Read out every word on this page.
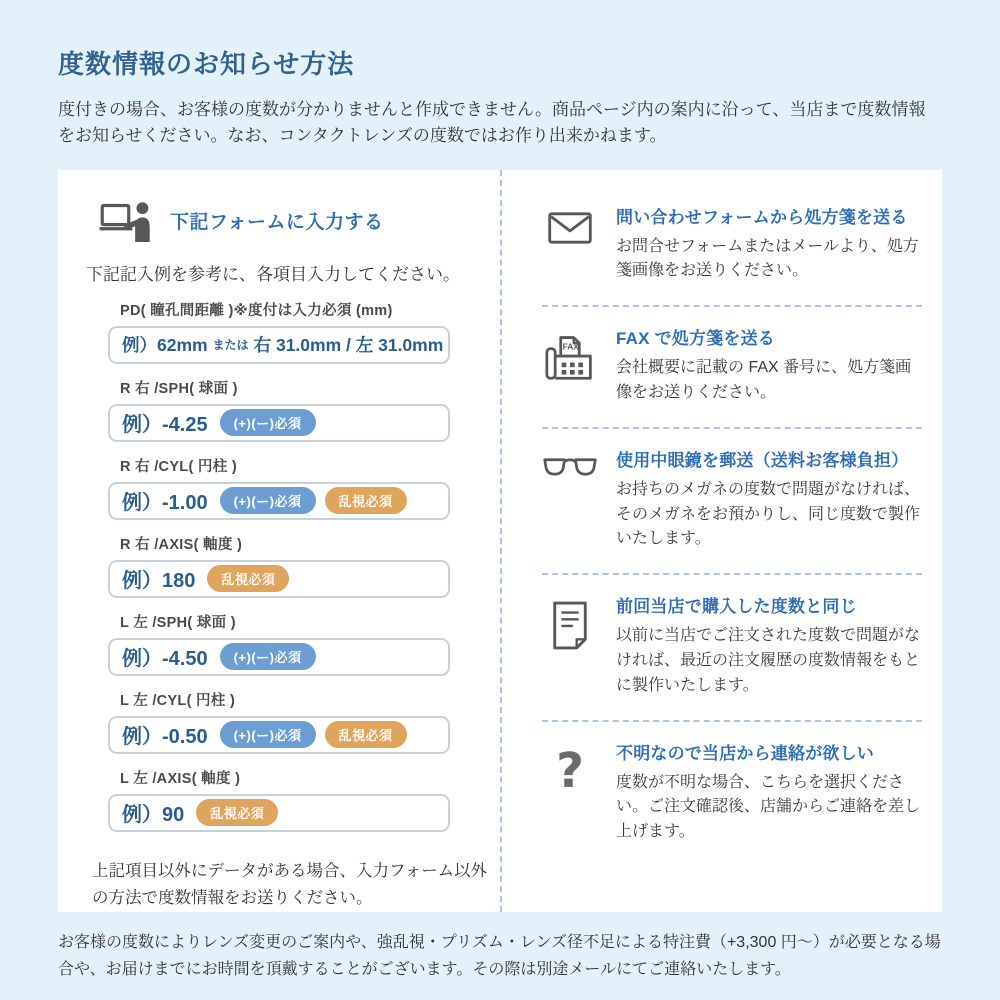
度数情報のお知らせ方法

度付きの場合、お客様の度数が分かりませんと作成できません。商品ページ内の案内に沿って、当店まで度数情報をお知らせください。なお、コンタクトレンズの度数ではお作り出来かねます。

下記フォームに入力する

下記記入例を参考に、各項目入力してください。

PD( 瞳孔間距離 )※度付は入力必須 (mm)
例）62mm または 右 31.0mm / 左 31.0mm
R 右 /SPH( 球面 )
例）-4.25	(+)(ー)必須
R 右 /CYL( 円柱 )
例）-1.00	(+)(ー)必須	乱視必須
R 右 /AXIS( 軸度 )
例）180	乱視必須
L 左 /SPH( 球面 )
例）-4.50	(+)(ー)必須
L 左 /CYL( 円柱 )
例）-0.50	(+)(ー)必須	乱視必須
L 左 /AXIS( 軸度 )
例）90	乱視必須

上記項目以外にデータがある場合、入力フォーム以外の方法で度数情報をお送りください。

問い合わせフォームから処方箋を送る
お問合せフォームまたはメールより、処方箋画像をお送りください。
FAX FAX で処方箋を送る
会社概要に記載の FAX 番号に、処方箋画像をお送りください。
使用中眼鏡を郵送（送料お客様負担）
お持ちのメガネの度数で問題がなければ、そのメガネをお預かりし、同じ度数で製作いたします。
前回当店で購入した度数と同じ
以前に当店でご注文された度数で問題がなければ、最近の注文履歴の度数情報をもとに製作いたします。
? 不明なので当店から連絡が欲しい
度数が不明な場合、こちらを選択ください。ご注文確認後、店舗からご連絡を差し上げます。

お客様の度数によりレンズ変更のご案内や、強乱視・プリズム・レンズ径不足による特注費（+3,300 円～）が必要となる場合や、お届けまでにお時間を頂戴することがございます。その際は別途メールにてご連絡いたします。
